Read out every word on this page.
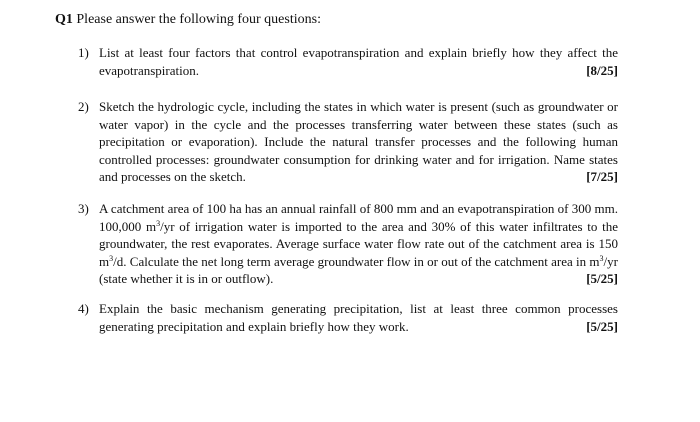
Q1 Please answer the following four questions:
1) List at least four factors that control evapotranspiration and explain briefly how they affect the evapotranspiration.	[8/25]
2) Sketch the hydrologic cycle, including the states in which water is present (such as groundwater or water vapor) in the cycle and the processes transferring water between these states (such as precipitation or evaporation). Include the natural transfer processes and the following human controlled processes: groundwater consumption for drinking water and for irrigation. Name states and processes on the sketch.	[7/25]
3) A catchment area of 100 ha has an annual rainfall of 800 mm and an evapotranspiration of 300 mm. 100,000 $m^3/yr$ of irrigation water is imported to the area and 30% of this water infiltrates to the groundwater, the rest evaporates. Average surface water flow rate out of the catchment area is 150 $m^3/d$. Calculate the net long term average groundwater flow in or out of the catchment area in $m^3/yr$ (state whether it is in or outflow).	[5/25]
4) Explain the basic mechanism generating precipitation, list at least three common processes generating precipitation and explain briefly how they work.	[5/25]
